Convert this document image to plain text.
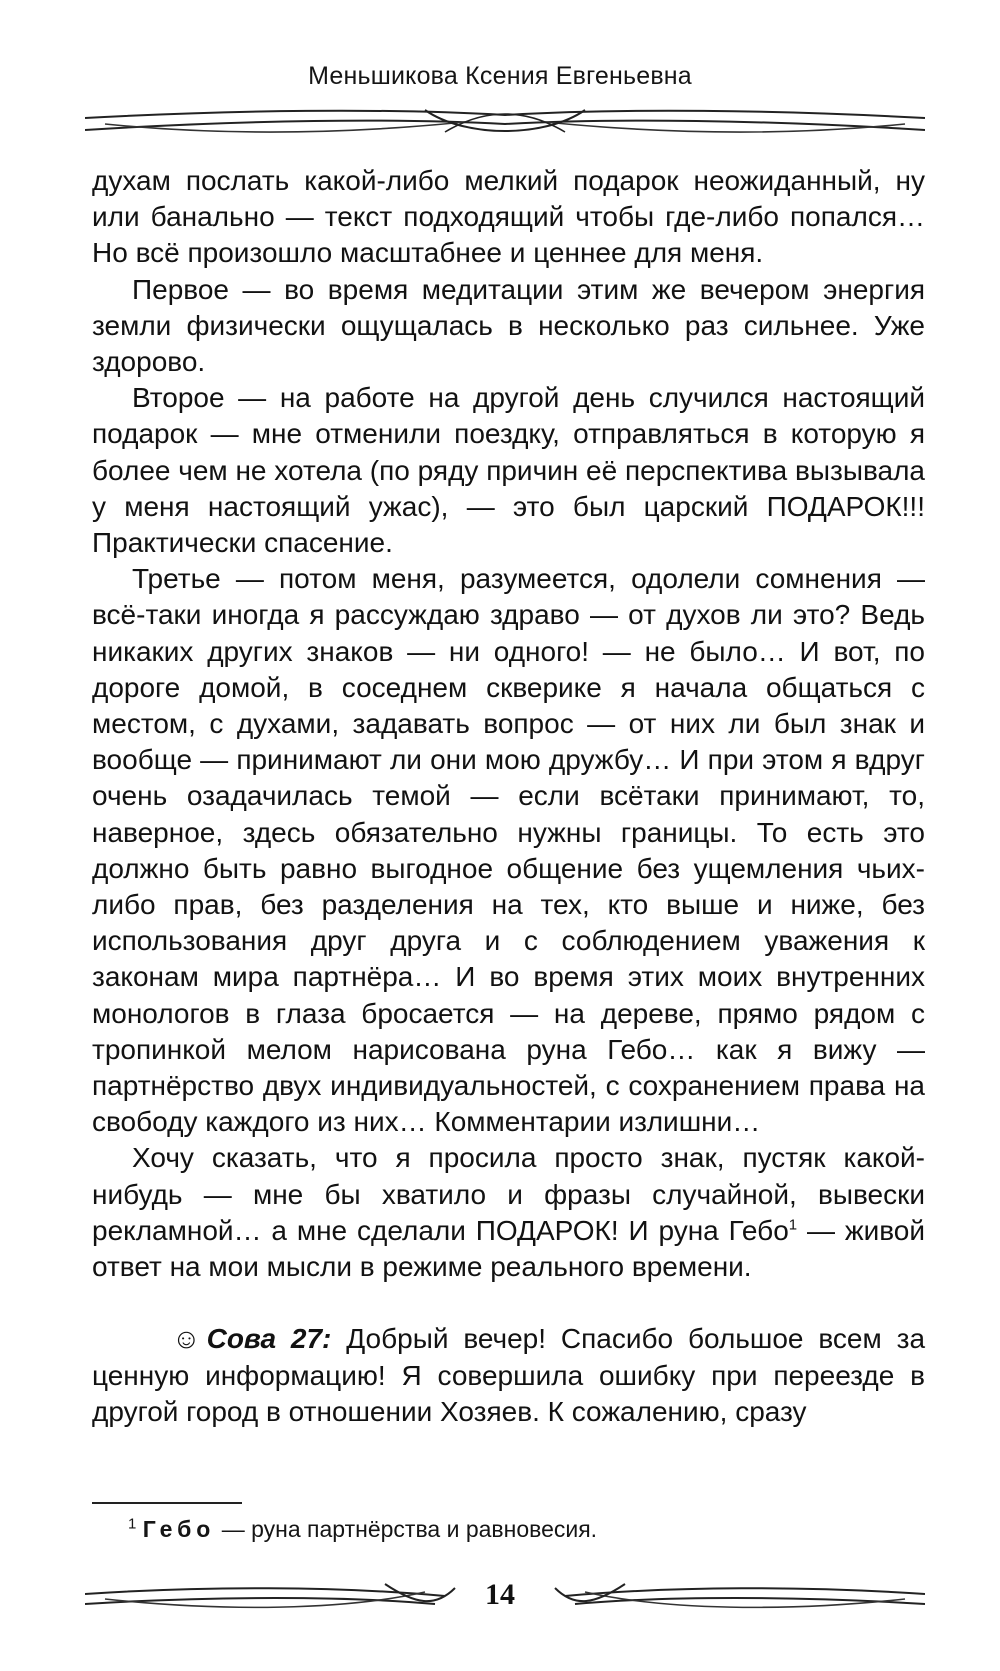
Меньшикова Ксения Евгеньевна

духам послать какой-либо мелкий подарок неожиданный, ну или банально — текст подходящий чтобы где-либо попался… Но всё произошло масштабнее и ценнее для меня.

Первое — во время медитации этим же вечером энергия земли физически ощущалась в несколько раз сильнее. Уже здорово.

Второе — на работе на другой день случился настоящий подарок — мне отменили поездку, отправляться в которую я более чем не хотела (по ряду причин её перспектива вызывала у меня настоящий ужас), — это был царский ПОДАРОК!!! Практически спасение.

Третье — потом меня, разумеется, одолели сомнения — всё-таки иногда я рассуждаю здраво — от духов ли это? Ведь никаких других знаков — ни одного! — не было… И вот, по дороге домой, в соседнем скверике я начала общаться с местом, с духами, задавать вопрос — от них ли был знак и вообще — принимают ли они мою дружбу… И при этом я вдруг очень озадачилась темой — если всётаки принимают, то, наверное, здесь обязательно нужны границы. То есть это должно быть равно выгодное общение без ущемления чьих-либо прав, без разделения на тех, кто выше и ниже, без использования друг друга и с соблюдением уважения к законам мира партнёра… И во время этих моих внутренних монологов в глаза бросается — на дереве, прямо рядом с тропинкой мелом нарисована руна Гебо… как я вижу — партнёрство двух индивидуальностей, с сохранением права на свободу каждого из них… Комментарии излишни…

Хочу сказать, что я просила просто знак, пустяк какойнибудь — мне бы хватило и фразы случайной, вывески рекламной… а мне сделали ПОДАРОК! И руна Гебо$^1$ — живой ответ на мои мысли в режиме реального времени.

☺ Сова 27: Добрый вечер! Спасибо большое всем за ценную информацию! Я совершила ошибку при переезде в другой город в отношении Хозяев. К сожалению, сразу

$^1$ Гебо — руна партнёрства и равновесия.
14
